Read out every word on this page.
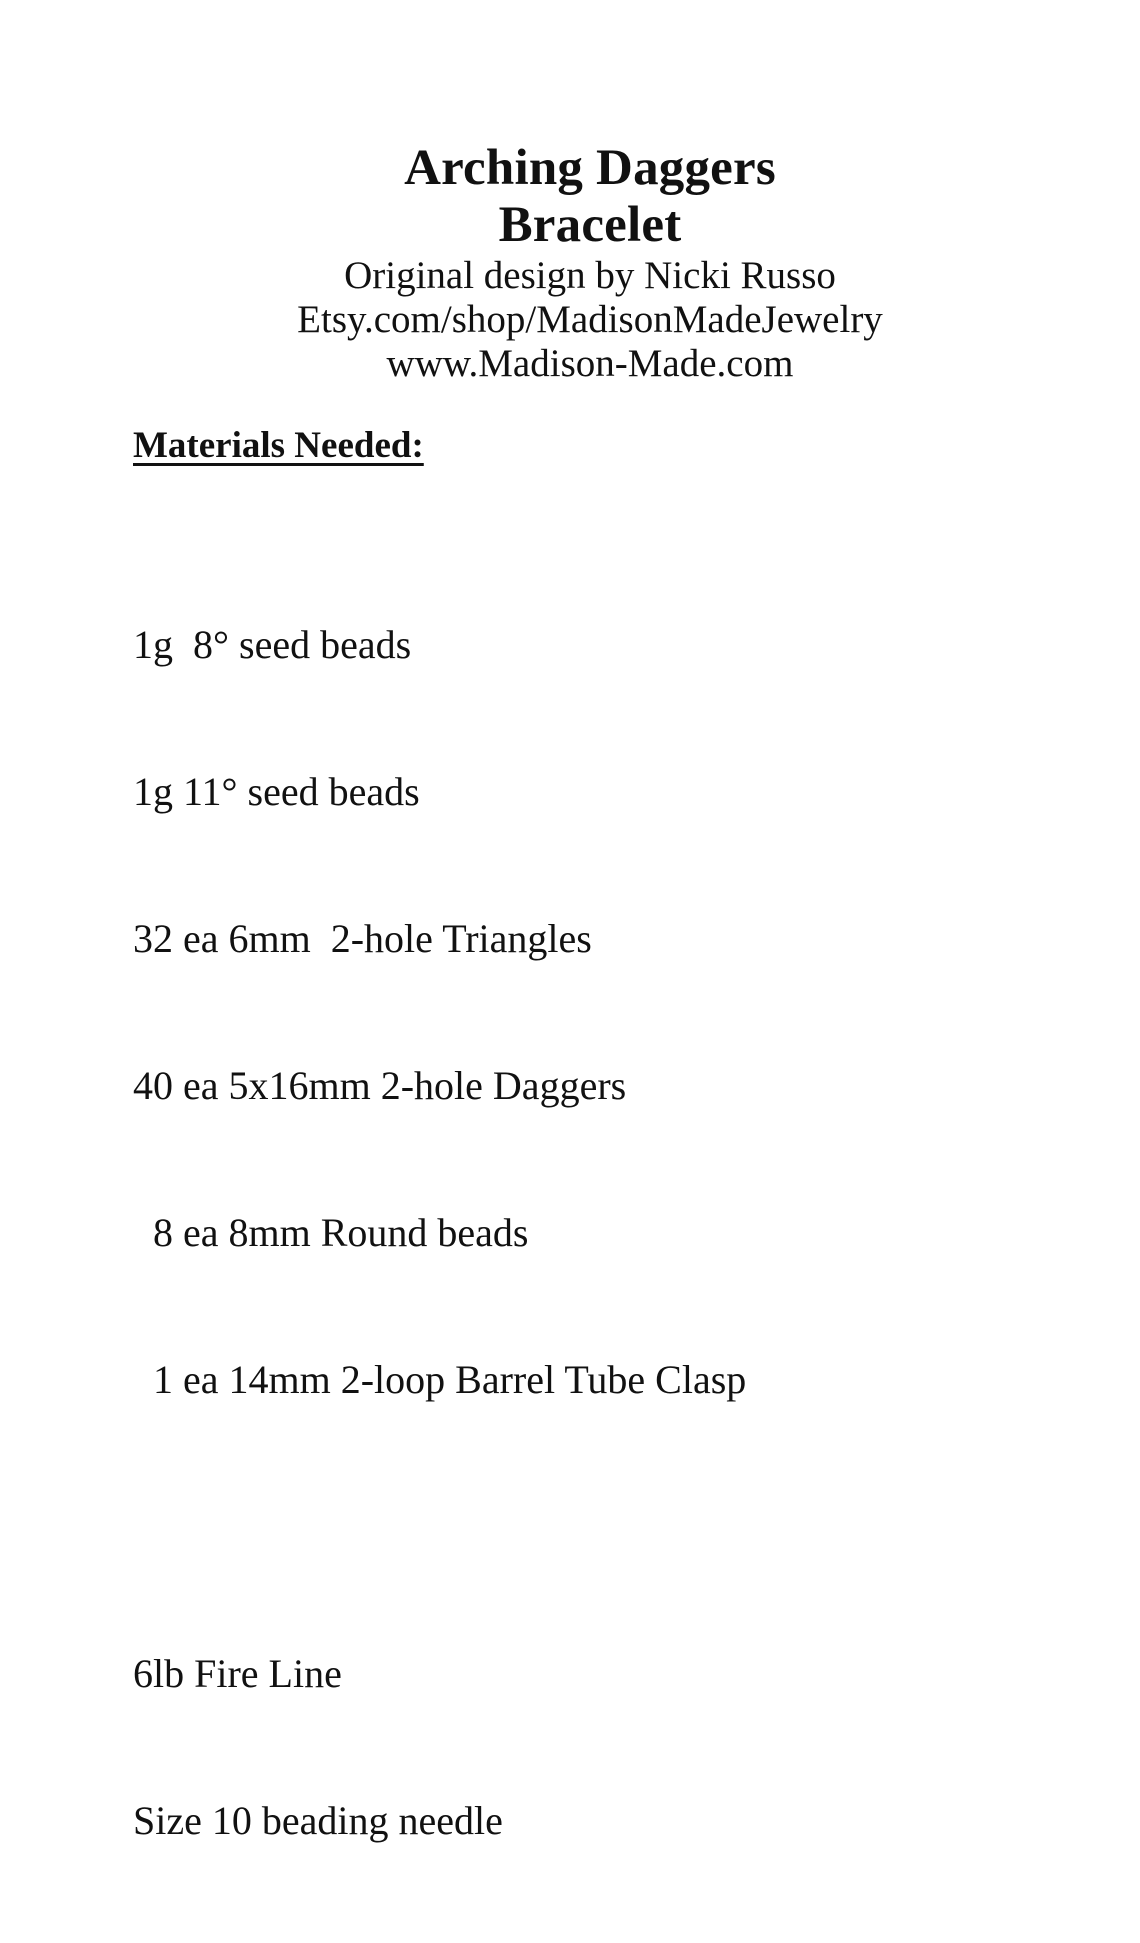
Arching Daggers
Bracelet

Original design by Nicki Russo

Etsy.com/shop/MadisonMadeJewelry

www.Madison-Made.com

Materials Needed:

1g  8° seed beads

1g 11° seed beads

32 ea 6mm  2-hole Triangles

40 ea 5x16mm 2-hole Daggers

8 ea 8mm Round beads

1 ea 14mm 2-loop Barrel Tube Clasp

6lb Fire Line

Size 10 beading needle
